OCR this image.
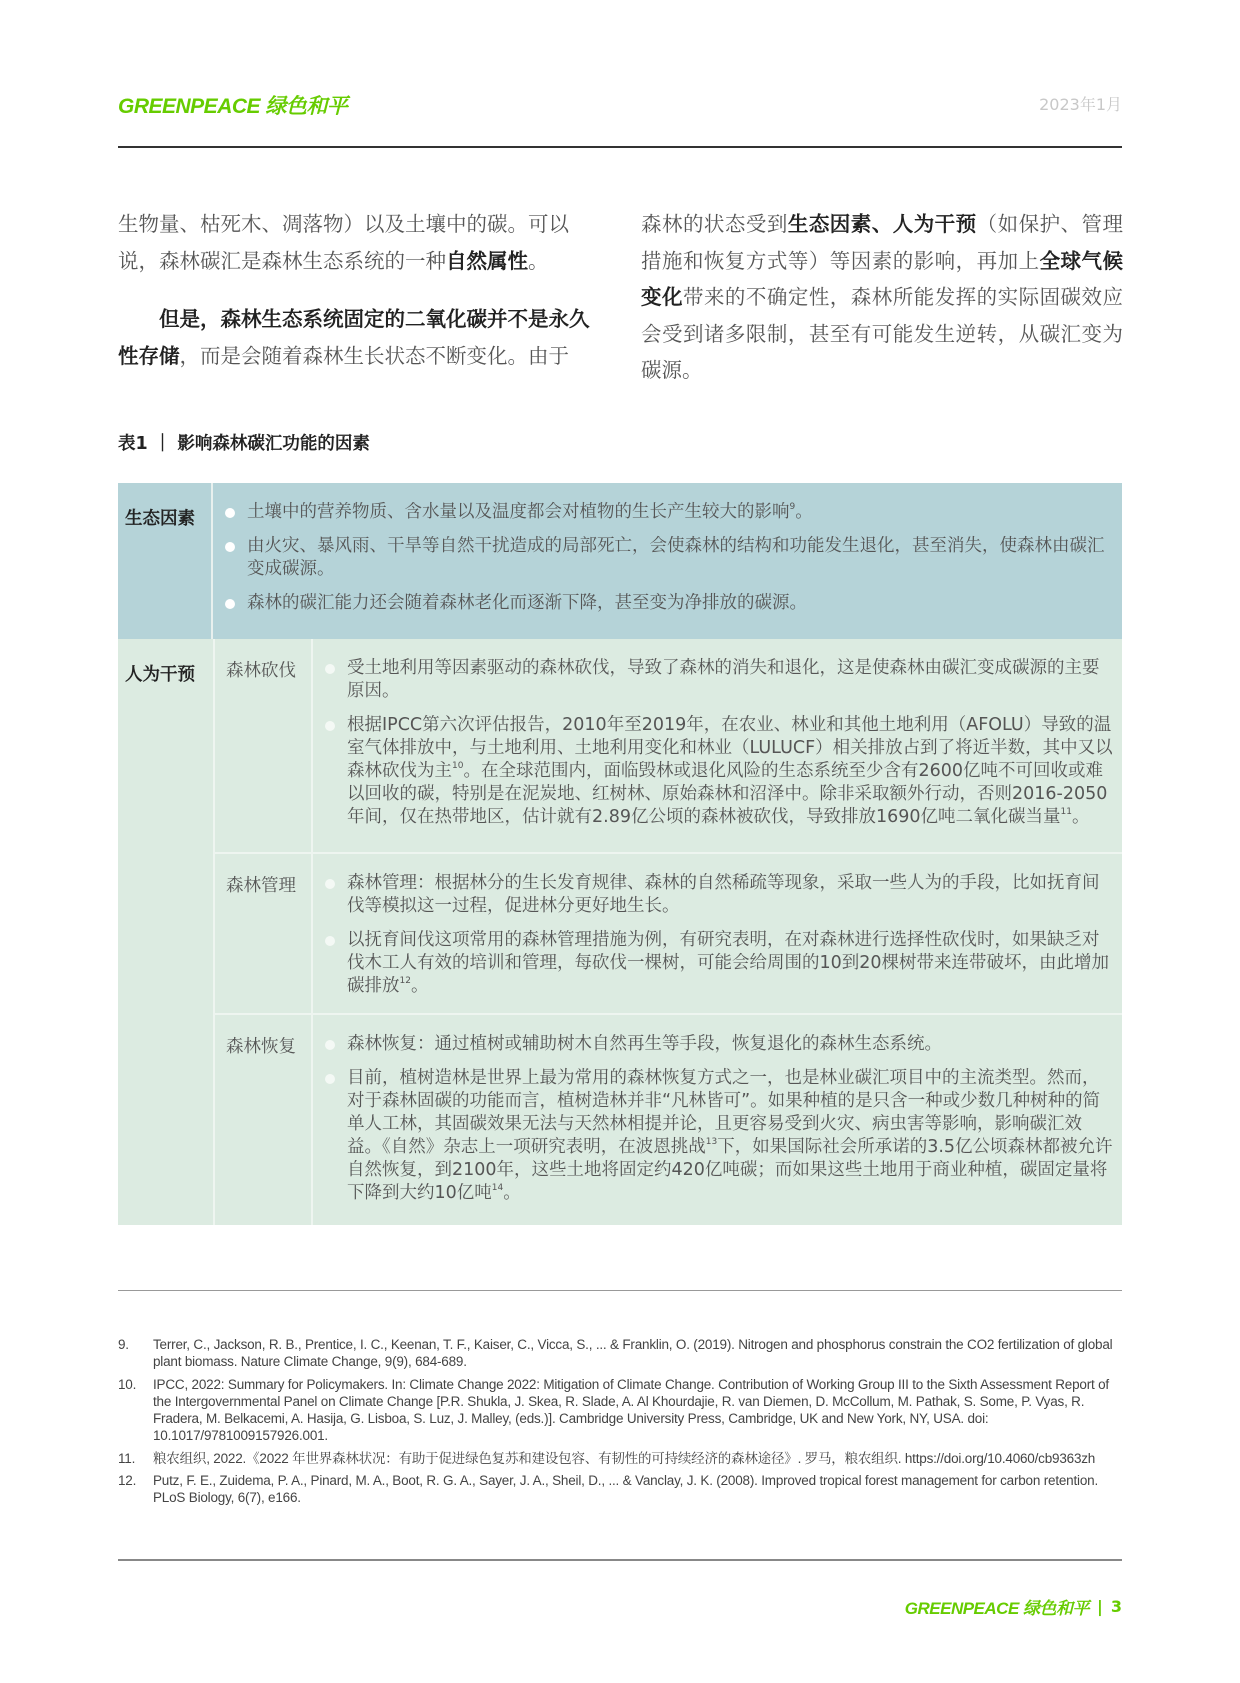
GREENPEACE 绿色和平	2023年1月

生物量、枯死木、凋落物）以及土壤中的碳。可以说，森林碳汇是森林生态系统的一种自然属性。

但是，森林生态系统固定的二氧化碳并不是永久性存储，而是会随着森林生长状态不断变化。由于

森林的状态受到生态因素、人为干预（如保护、管理措施和恢复方式等）等因素的影响，再加上全球气候变化带来的不确定性，森林所能发挥的实际固碳效应会受到诸多限制，甚至有可能发生逆转，从碳汇变为碳源。

表1 ｜ 影响森林碳汇功能的因素
生态因素	土壤中的营养物质、含水量以及温度都会对植物的生长产生较大的影响$^9$。
由火灾、暴风雨、干旱等自然干扰造成的局部死亡，会使森林的结构和功能发生退化，甚至消失，使森林由碳汇变成碳源。
森林的碳汇能力还会随着森林老化而逐渐下降，甚至变为净排放的碳源。
人为干预	森林砍伐	受土地利用等因素驱动的森林砍伐，导致了森林的消失和退化，这是使森林由碳汇变成碳源的主要原因。
根据IPCC第六次评估报告，2010年至2019年，在农业、林业和其他土地利用（AFOLU）导致的温室气体排放中，与土地利用、土地利用变化和林业（LULUCF）相关排放占到了将近半数，其中又以森林砍伐为主$^{10}$。在全球范围内，面临毁林或退化风险的生态系统至少含有2600亿吨不可回收或难以回收的碳，特别是在泥炭地、红树林、原始森林和沼泽中。除非采取额外行动，否则2016-2050年间，仅在热带地区，估计就有2.89亿公顷的森林被砍伐，导致排放1690亿吨二氧化碳当量$^{11}$。
森林管理	森林管理：根据林分的生长发育规律、森林的自然稀疏等现象，采取一些人为的手段，比如抚育间伐等模拟这一过程，促进林分更好地生长。
以抚育间伐这项常用的森林管理措施为例，有研究表明，在对森林进行选择性砍伐时，如果缺乏对伐木工人有效的培训和管理，每砍伐一棵树，可能会给周围的10到20棵树带来连带破坏，由此增加碳排放$^{12}$。
森林恢复	森林恢复：通过植树或辅助树木自然再生等手段，恢复退化的森林生态系统。
目前，植树造林是世界上最为常用的森林恢复方式之一，也是林业碳汇项目中的主流类型。然而，对于森林固碳的功能而言，植树造林并非“凡林皆可”。如果种植的是只含一种或少数几种树种的简单人工林，其固碳效果无法与天然林相提并论，且更容易受到火灾、病虫害等影响，影响碳汇效益。《自然》杂志上一项研究表明，在波恩挑战$^{13}$下，如果国际社会所承诺的3.5亿公顷森林都被允许自然恢复，到2100年，这些土地将固定约420亿吨碳；而如果这些土地用于商业种植，碳固定量将下降到大约10亿吨$^{14}$。
9.	Terrer, C., Jackson, R. B., Prentice, I. C., Keenan, T. F., Kaiser, C., Vicca, S., ... & Franklin, O. (2019). Nitrogen and phosphorus constrain the CO2 fertilization of global plant biomass. Nature Climate Change, 9(9), 684-689.
10.	IPCC, 2022: Summary for Policymakers. In: Climate Change 2022: Mitigation of Climate Change. Contribution of Working Group III to the Sixth Assessment Report of the Intergovernmental Panel on Climate Change [P.R. Shukla, J. Skea, R. Slade, A. Al Khourdajie, R. van Diemen, D. McCollum, M. Pathak, S. Some, P. Vyas, R. Fradera, M. Belkacemi, A. Hasija, G. Lisboa, S. Luz, J. Malley, (eds.)]. Cambridge University Press, Cambridge, UK and New York, NY, USA. doi: 10.1017/9781009157926.001.
11.	粮农组织, 2022.《2022 年世界森林状况：有助于促进绿色复苏和建设包容、有韧性的可持续经济的森林途径》. 罗马，粮农组织. https://doi.org/10.4060/cb9363zh
12.	Putz, F. E., Zuidema, P. A., Pinard, M. A., Boot, R. G. A., Sayer, J. A., Sheil, D., ... & Vanclay, J. K. (2008). Improved tropical forest management for carbon retention. PLoS Biology, 6(7), e166.
GREENPEACE 绿色和平 | 3
